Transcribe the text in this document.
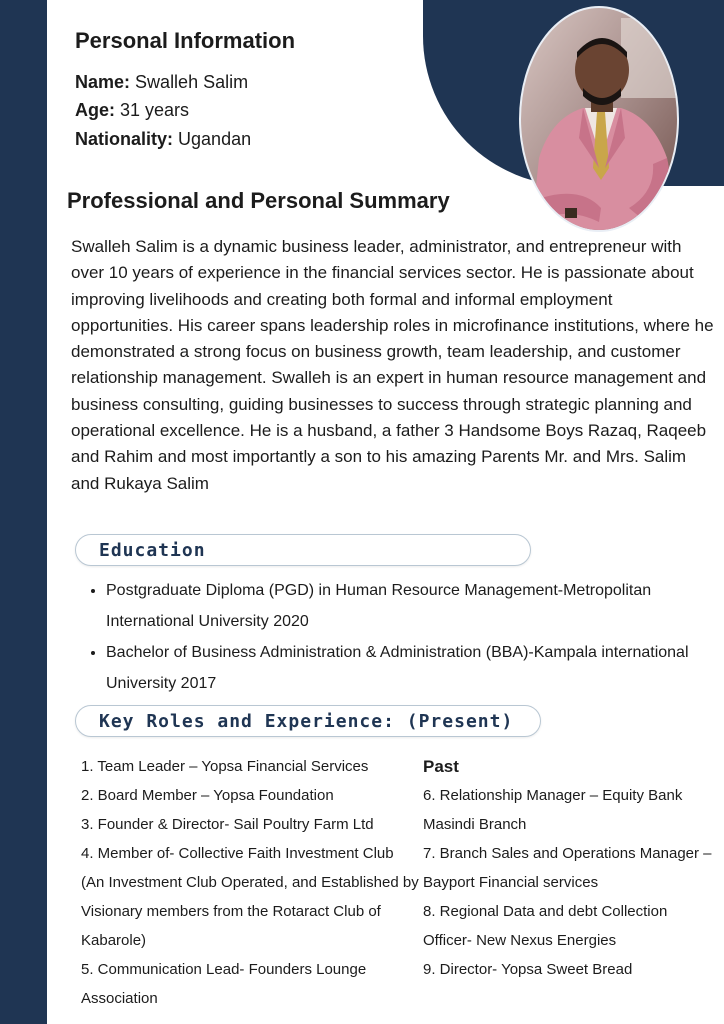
Personal Information
Name: Swalleh Salim
Age: 31 years
Nationality: Ugandan
Professional and Personal Summary

Swalleh Salim is a dynamic business leader, administrator, and entrepreneur with over 10 years of experience in the financial services sector. He is passionate about improving livelihoods and creating both formal and informal employment opportunities. His career spans leadership roles in microfinance institutions, where he demonstrated a strong focus on business growth, team leadership, and customer relationship management. Swalleh is an expert in human resource management and business consulting, guiding businesses to success through strategic planning and operational excellence. He is a husband, a father 3 Handsome Boys Razaq, Raqeeb and Rahim and most importantly a son to his amazing Parents Mr. and Mrs. Salim and Rukaya Salim

Education
• Postgraduate Diploma (PGD) in Human Resource Management-Metropolitan International University 2020
• Bachelor of Business Administration & Administration (BBA)-Kampala international University 2017
Key Roles and Experience: (Present)

1. Team Leader – Yopsa Financial Services

2. Board Member – Yopsa Foundation

3. Founder & Director- Sail Poultry Farm Ltd

4. Member of- Collective Faith Investment Club (An Investment Club Operated, and Established by Visionary members from the Rotaract Club of Kabarole)

5. Communication Lead- Founders Lounge Association

Past

6. Relationship Manager – Equity Bank Masindi Branch

7. Branch Sales and Operations Manager – Bayport Financial services

8. Regional Data and debt Collection Officer- New Nexus Energies

9. Director- Yopsa Sweet Bread
